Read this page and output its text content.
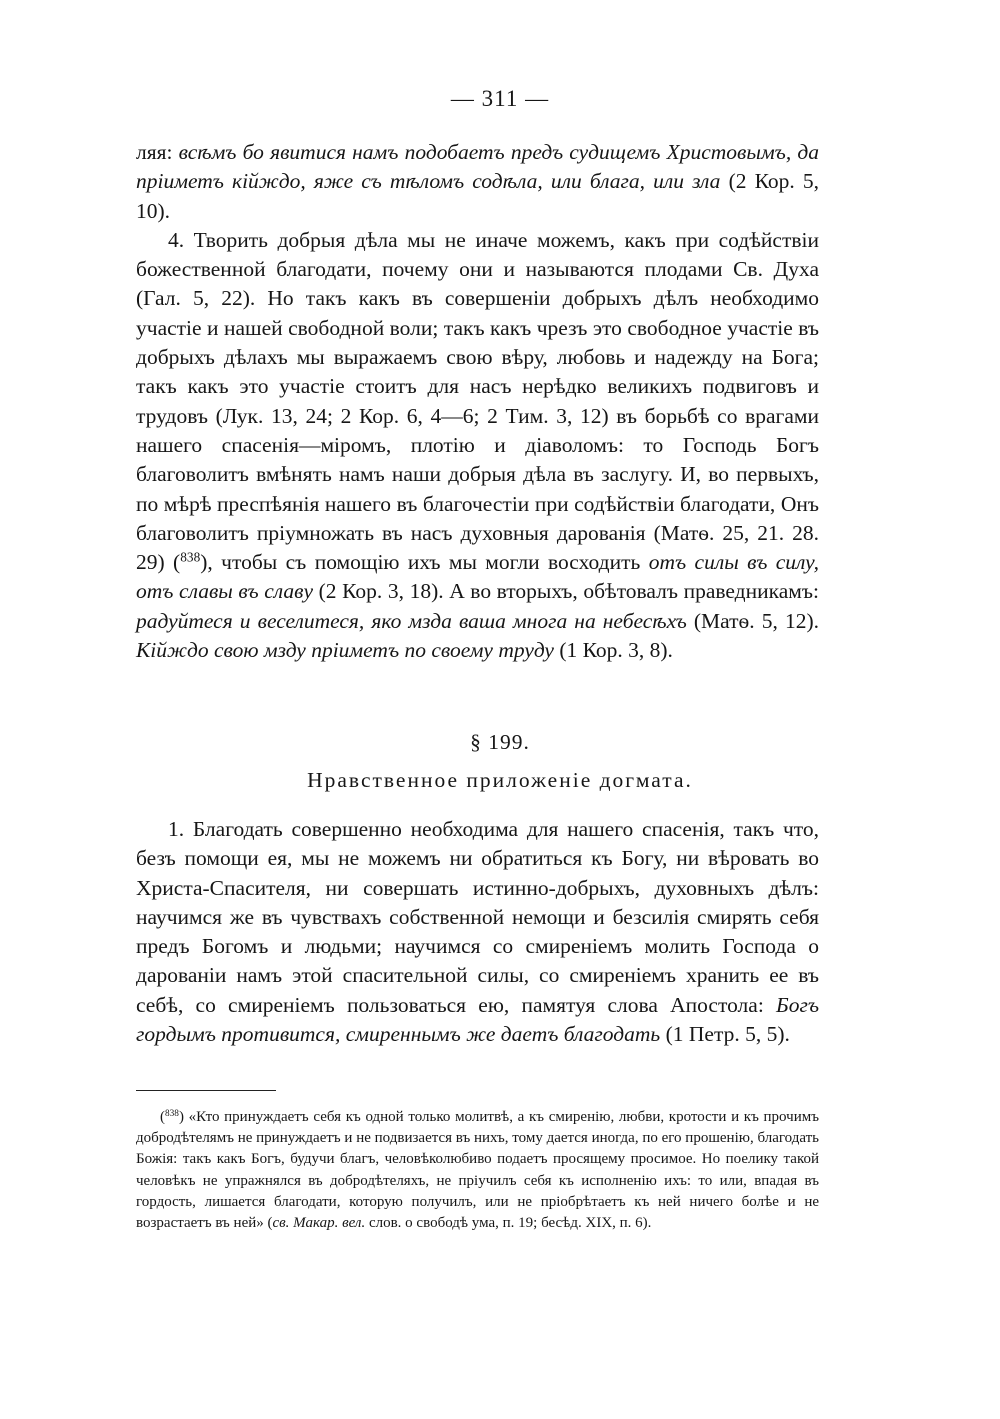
— 311 —

ляя: всѣмъ бо явитися намъ подобаетъ предъ судищемъ Христовымъ, да пріиметъ кійждо, яже съ тѣломъ содѣла, или блага, или зла (2 Кор. 5, 10).

4. Творить добрыя дѣла мы не иначе можемъ, какъ при содѣйствіи божественной благодати, почему они и называются плодами Св. Духа (Гал. 5, 22). Но такъ какъ въ совершеніи добрыхъ дѣлъ необходимо участіе и нашей свободной воли; такъ какъ чрезъ это свободное участіе въ добрыхъ дѣлахъ мы выражаемъ свою вѣру, любовь и надежду на Бога; такъ какъ это участіе стоитъ для насъ нерѣдко великихъ подвиговъ и трудовъ (Лук. 13, 24; 2 Кор. 6, 4—6; 2 Тим. 3, 12) въ борьбѣ со врагами нашего спасенія—міромъ, плотію и діаволомъ: то Господь Богъ благоволитъ вмѣнять намъ наши добрыя дѣла въ заслугу. И, во первыхъ, по мѣрѣ преспѣянія нашего въ благочестіи при содѣйствіи благодати, Онъ благоволитъ пріумножать въ насъ духовныя дарованія (Матѳ. 25, 21. 28. 29) ($^{838}$), чтобы съ помощію ихъ мы могли восходить отъ силы въ силу, отъ славы въ славу (2 Кор. 3, 18). А во вторыхъ, обѣтовалъ праведникамъ: радуйтеся и веселитеся, яко мзда ваша многа на небесѣхъ (Матѳ. 5, 12). Кійждо свою мзду пріиметъ по своему труду (1 Кор. 3, 8).

§ 199.
Нравственное приложеніе догмата.

1. Благодать совершенно необходима для нашего спасенія, такъ что, безъ помощи ея, мы не можемъ ни обратиться къ Богу, ни вѣровать во Христа-Спасителя, ни совершать истинно-добрыхъ, духовныхъ дѣлъ: научимся же въ чувствахъ собственной немощи и безсилія смирять себя предъ Богомъ и людьми; научимся со смиреніемъ молить Господа о дарованіи намъ этой спасительной силы, со смиреніемъ хранить ее въ себѣ, со смиреніемъ пользоваться ею, памятуя слова Апостола: Богъ гордымъ противится, смиреннымъ же даетъ благодать (1 Петр. 5, 5).

($^{838}$) «Кто принуждаетъ себя къ одной только молитвѣ, а къ смиренію, любви, кротости и къ прочимъ добродѣтелямъ не принуждаетъ и не подвизается въ нихъ, тому дается иногда, по его прошенію, благодать Божія: такъ какъ Богъ, будучи благъ, человѣколюбиво подаетъ просящему просимое. Но поелику такой человѣкъ не упражнялся въ добродѣтеляхъ, не пріучилъ себя къ исполненію ихъ: то или, впадая въ гордость, лишается благодати, которую получилъ, или не пріобрѣтаетъ къ ней ничего болѣе и не возрастаетъ въ ней» (св. Макар. вел. слов. о свободѣ ума, п. 19; бесѣд. XIX, п. 6).
